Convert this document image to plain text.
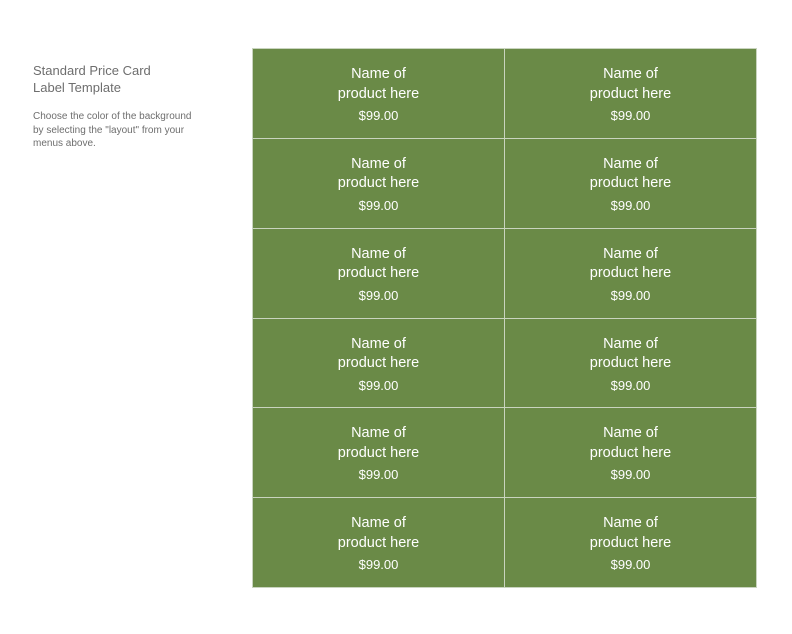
Standard Price Card
Label Template
Choose the color of the background
by selecting the "layout" from your
menus above.
Name of
product here
$99.00
Name of
product here
$99.00
Name of
product here
$99.00
Name of
product here
$99.00
Name of
product here
$99.00
Name of
product here
$99.00
Name of
product here
$99.00
Name of
product here
$99.00
Name of
product here
$99.00
Name of
product here
$99.00
Name of
product here
$99.00
Name of
product here
$99.00
